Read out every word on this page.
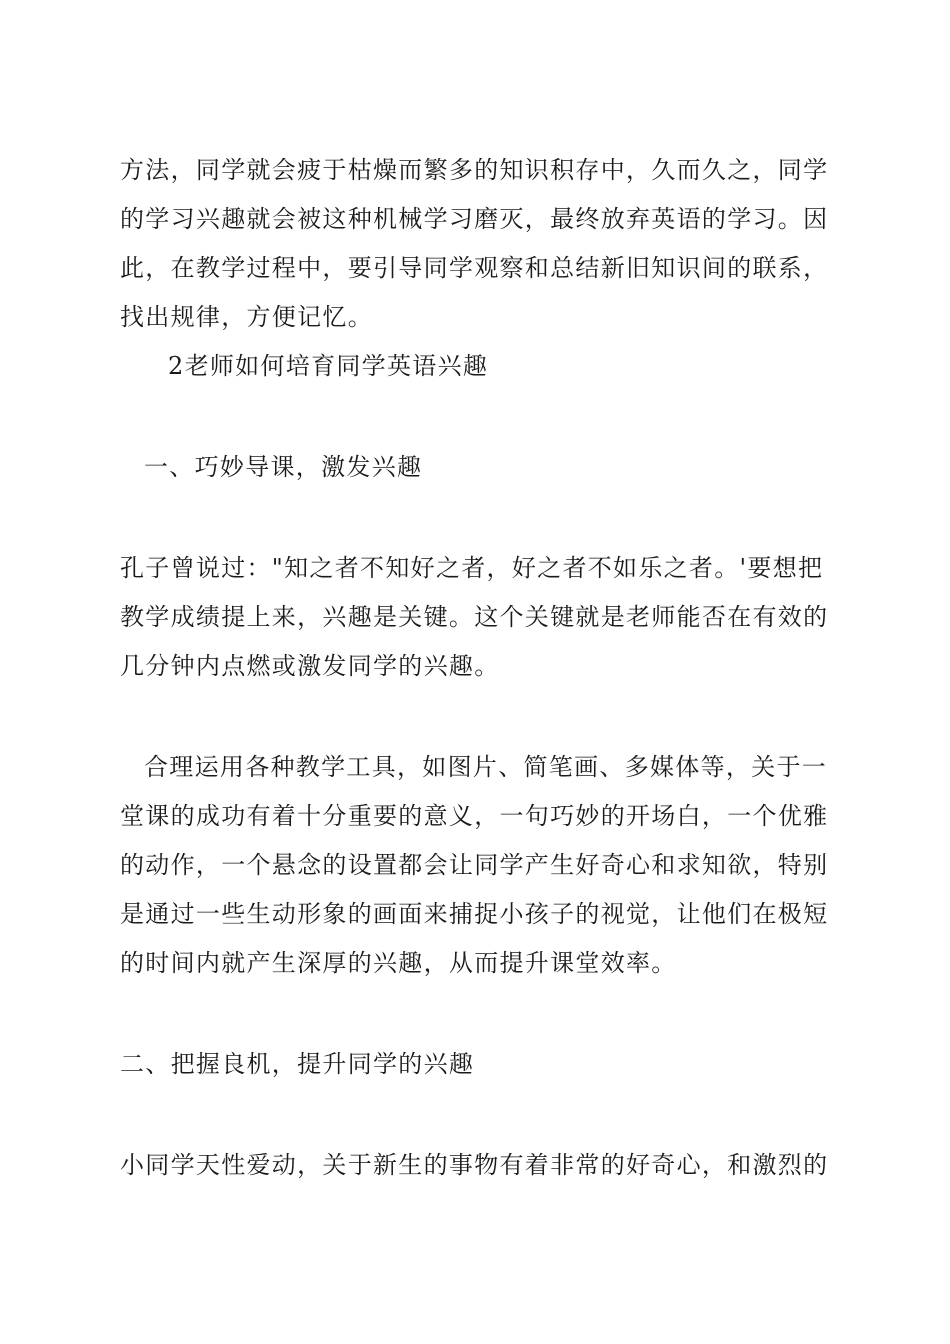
方法，同学就会疲于枯燥而繁多的知识积存中，久而久之，同学
的学习兴趣就会被这种机械学习磨灭，最终放弃英语的学习。因
此，在教学过程中，要引导同学观察和总结新旧知识间的联系，
找出规律，方便记忆。
2老师如何培育同学英语兴趣
一、巧妙导课，激发兴趣
孔子曾说过："知之者不知好之者，好之者不如乐之者。'要想把
教学成绩提上来，兴趣是关键。这个关键就是老师能否在有效的
几分钟内点燃或激发同学的兴趣。
合理运用各种教学工具，如图片、简笔画、多媒体等，关于一
堂课的成功有着十分重要的意义，一句巧妙的开场白，一个优雅
的动作，一个悬念的设置都会让同学产生好奇心和求知欲，特别
是通过一些生动形象的画面来捕捉小孩子的视觉，让他们在极短
的时间内就产生深厚的兴趣，从而提升课堂效率。
二、把握良机，提升同学的兴趣
小同学天性爱动，关于新生的事物有着非常的好奇心，和激烈的
